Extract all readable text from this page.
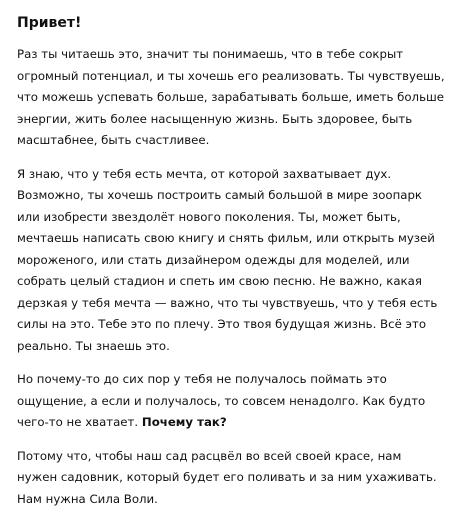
Привет!

Раз ты читаешь это, значит ты понимаешь, что в тебе сокрыт
огромный потенциал, и ты хочешь его реализовать. Ты чувствуешь,
что можешь успевать больше, зарабатывать больше, иметь больше
энергии, жить более насыщенную жизнь. Быть здоровее, быть
масштабнее, быть счастливее.

Я знаю, что у тебя есть мечта, от которой захватывает дух.
Возможно, ты хочешь построить самый большой в мире зоопарк
или изобрести звездолёт нового поколения. Ты, может быть,
мечтаешь написать свою книгу и снять фильм, или открыть музей
мороженого, или стать дизайнером одежды для моделей, или
собрать целый стадион и спеть им свою песню. Не важно, какая
дерзкая у тебя мечта — важно, что ты чувствуешь, что у тебя есть
силы на это. Тебе это по плечу. Это твоя будущая жизнь. Всё это
реально. Ты знаешь это.

Но почему-то до сих пор у тебя не получалось поймать это
ощущение, а если и получалось, то совсем ненадолго. Как будто
чего-то не хватает. Почему так?

Потому что, чтобы наш сад расцвёл во всей своей красе, нам
нужен садовник, который будет его поливать и за ним ухаживать.
Нам нужна Сила Воли.
